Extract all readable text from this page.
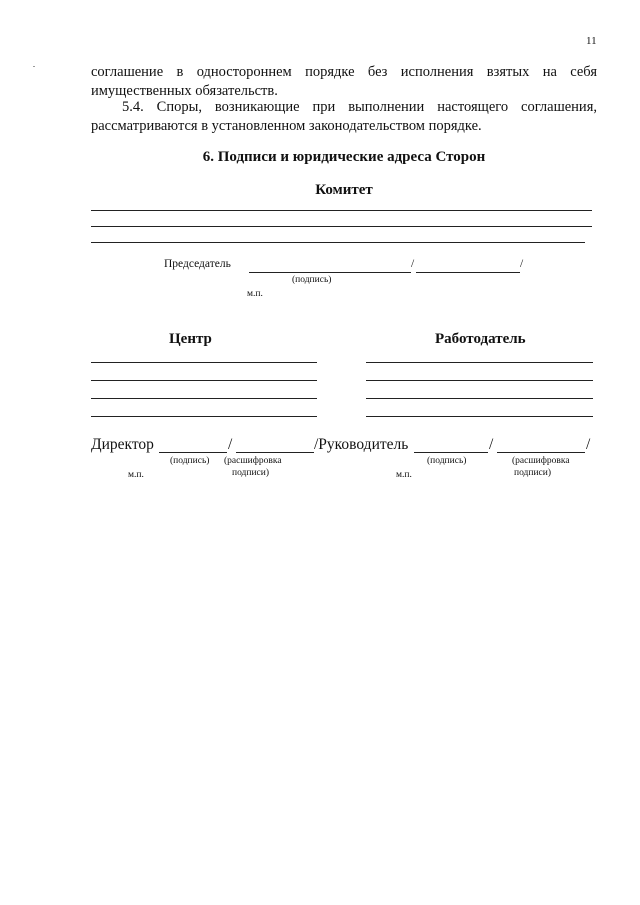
11
соглашение в одностороннем порядке без исполнения взятых на себя
имущественных обязательств.
5.4. Споры, возникающие при выполнении настоящего соглашения,
рассматриваются в установленном законодательством порядке.
6. Подписи и юридические адреса Сторон
Комитет
Председатель	/	/
(подпись)
м.п.
Центр	Работодатель
Директор	/	/Руководитель	/	/
(подпись) (расшифровка
подписи)
м.п.
(подпись)	(расшифровка
подписи)
м.п.
